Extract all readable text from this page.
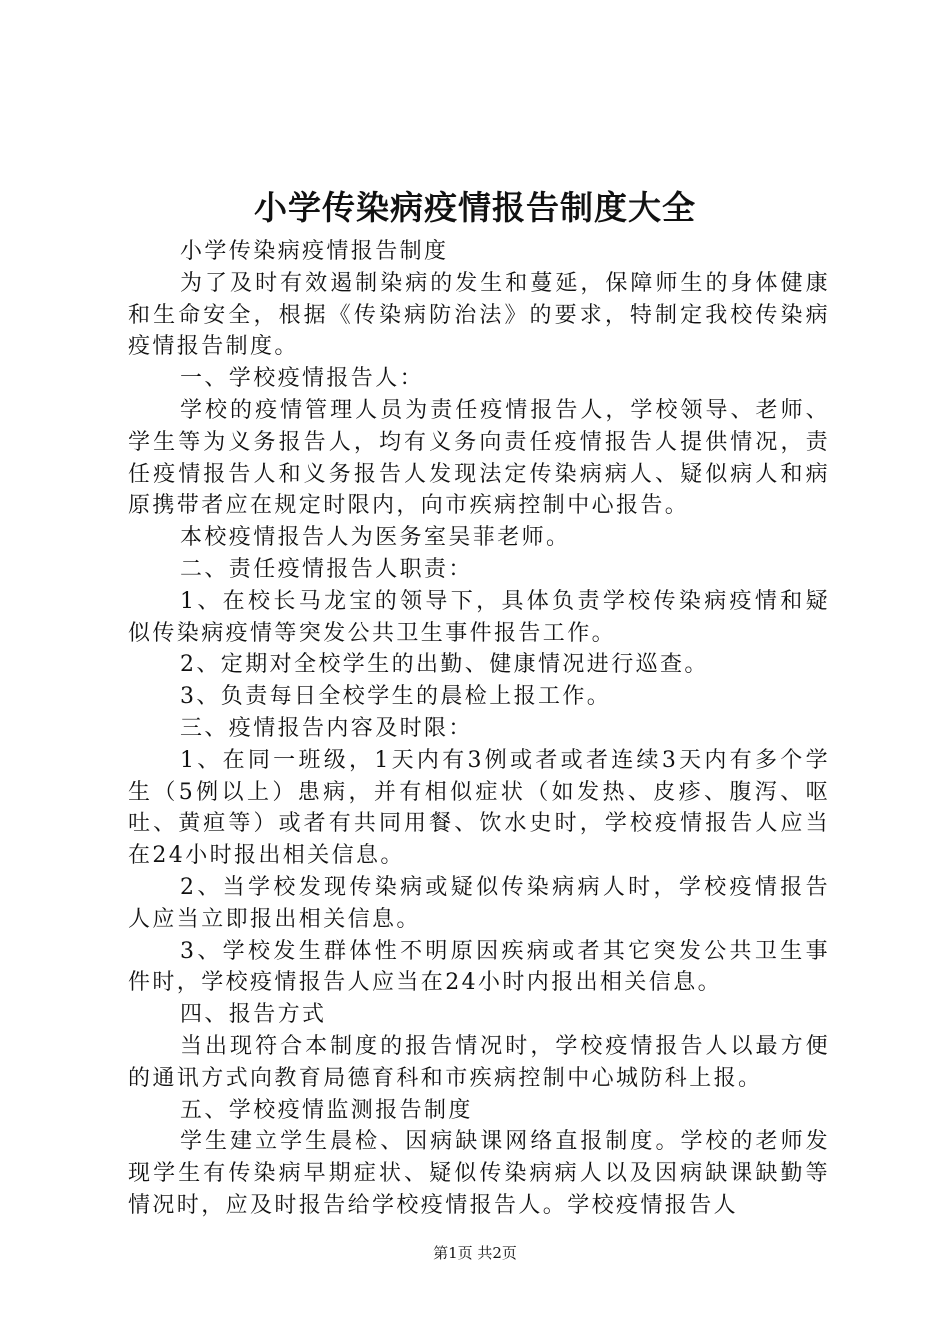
小学传染病疫情报告制度大全

小学传染病疫情报告制度

为了及时有效遏制染病的发生和蔓延，保障师生的身体健康和生命安全，根据《传染病防治法》的要求，特制定我校传染病疫情报告制度。

一、学校疫情报告人：

学校的疫情管理人员为责任疫情报告人，学校领导、老师、学生等为义务报告人，均有义务向责任疫情报告人提供情况，责任疫情报告人和义务报告人发现法定传染病病人、疑似病人和病原携带者应在规定时限内，向市疾病控制中心报告。

本校疫情报告人为医务室吴菲老师。

二、责任疫情报告人职责：

1、在校长马龙宝的领导下，具体负责学校传染病疫情和疑似传染病疫情等突发公共卫生事件报告工作。

2、定期对全校学生的出勤、健康情况进行巡查。

3、负责每日全校学生的晨检上报工作。

三、疫情报告内容及时限：

1、在同一班级，1天内有3例或者或者连续3天内有多个学生（5例以上）患病，并有相似症状（如发热、皮疹、腹泻、呕吐、黄疸等）或者有共同用餐、饮水史时，学校疫情报告人应当在24小时报出相关信息。

2、当学校发现传染病或疑似传染病病人时，学校疫情报告人应当立即报出相关信息。

3、学校发生群体性不明原因疾病或者其它突发公共卫生事件时，学校疫情报告人应当在24小时内报出相关信息。

四、报告方式

当出现符合本制度的报告情况时，学校疫情报告人以最方便的通讯方式向教育局德育科和市疾病控制中心城防科上报。

五、学校疫情监测报告制度

学生建立学生晨检、因病缺课网络直报制度。学校的老师发现学生有传染病早期症状、疑似传染病病人以及因病缺课缺勤等情况时，应及时报告给学校疫情报告人。学校疫情报告人

第1页 共2页
